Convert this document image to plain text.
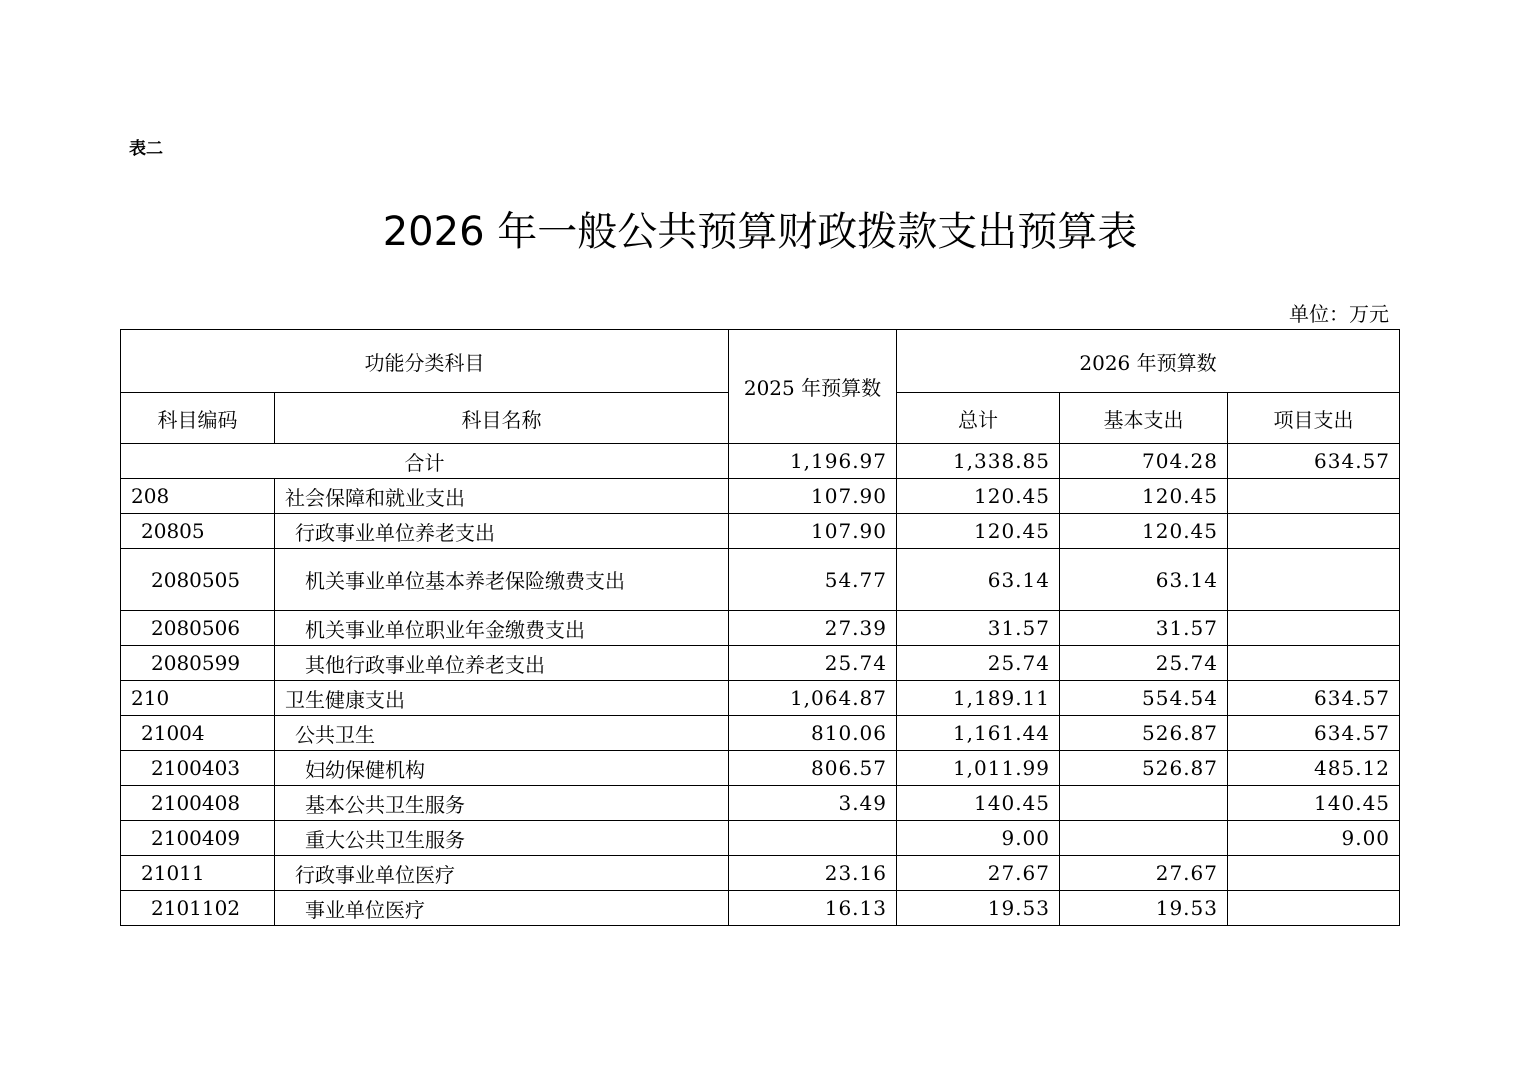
表二
2026 年一般公共预算财政拨款支出预算表
单位：万元
功能分类科目		2025 年预算数	2026 年预算数		
科目编码	科目名称		总计	基本支出	项目支出
合计		1,196.97	1,338.85	704.28	634.57
208	社会保障和就业支出	107.90	120.45	120.45	
20805	行政事业单位养老支出	107.90	120.45	120.45	
2080505	机关事业单位基本养老保险缴费支出	54.77	63.14	63.14	
2080506	机关事业单位职业年金缴费支出	27.39	31.57	31.57	
2080599	其他行政事业单位养老支出	25.74	25.74	25.74	
210	卫生健康支出	1,064.87	1,189.11	554.54	634.57
21004	公共卫生	810.06	1,161.44	526.87	634.57
2100403	妇幼保健机构	806.57	1,011.99	526.87	485.12
2100408	基本公共卫生服务	3.49	140.45		140.45
2100409	重大公共卫生服务		9.00		9.00
21011	行政事业单位医疗	23.16	27.67	27.67	
2101102	事业单位医疗	16.13	19.53	19.53	
